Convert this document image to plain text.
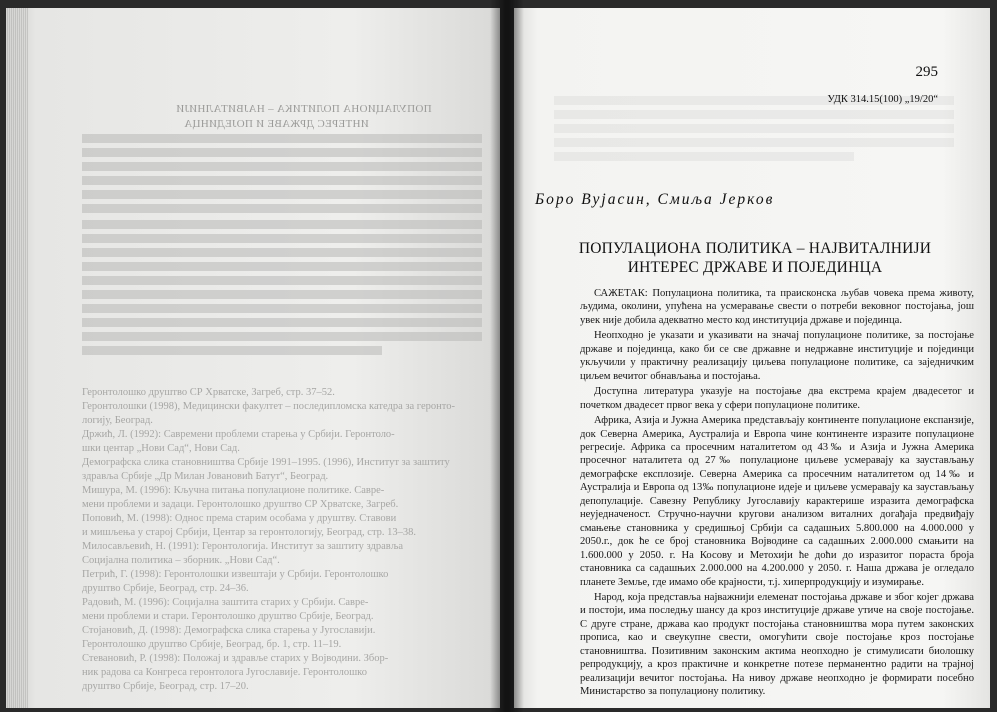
ПОПУЛАЦИОНА ПОЛИТИКА – НАЈВИТАЛНИЈИ
ИНТЕРЕС ДРЖАВЕ И ПОЈЕДИНЦА
Геронтолошко друштво СР Хрватске, Загреб, стр. 37–52.
Геронтолошки (1998), Медицински факултет – последипломска катедра за геронто-
логију, Београд.
Држић, Л. (1992): Савремени проблеми старења у Србији. Геронтоло-
шки центар „Нови Сад“, Нови Сад.
Демографска слика становништва Србије 1991–1995. (1996), Институт за заштиту
здравља Србије „Др Милан Јовановић Батут“, Београд.
Мишура, М. (1996): Кључна питања популационе политике. Савре-
мени проблеми и задаци. Геронтолошко друштво СР Хрватске, Загреб.
Поповић, М. (1998): Однос према старим особама у друштву. Ставови
и мишљења у старој Србији, Центар за геронтологију, Београд, стр. 13–38.
Милосављевић, Н. (1991): Геронтологија. Институт за заштиту здравља
Социјална политика – зборник. „Нови Сад“.
Петрић, Г. (1998): Геронтолошки извештаји у Србији. Геронтолошко
друштво Србије, Београд, стр. 24–36.
Радовић, М. (1996): Социјална заштита старих у Србији. Савре-
мени проблеми и стари. Геронтолошко друштво Србије, Београд.
Стојановић, Д. (1998): Демографска слика старења у Југославији.
Геронтолошко друштво Србије, Београд, бр. 1, стр. 11–19.
Стевановић, Р. (1998): Положај и здравље старих у Војводини. Збор-
ник радова са Конгреса геронтолога Југославије. Геронтолошко
друштво Србије, Београд, стр. 17–20.
295
УДК 314.15(100) „19/20“
Боро Вујасин, Смиља Јерков
ПОПУЛАЦИОНА ПОЛИТИКА – НАЈВИТАЛНИЈИ
ИНТЕРЕС ДРЖАВЕ И ПОЈЕДИНЦА

САЖЕТАК: Популациона политика, та праисконска љубав човека према животу, људима, околини, упућена на усмеравање свести о потреби вековног постојања, још увек није добила адекватно место код институција државе и појединца.

Неопходно је указати и указивати на значај популационе политике, за постојање државе и појединца, како би се све државне и недржавне институције и појединци укључили у практичну реализацију циљева популационе политике, са заједничким циљем вечитог обнављања и постојања.

Доступна литература указује на постојање два екстрема крајем двадесетог и почетком двадесет првог века у сфери популационе политике.

Африка, Азија и Јужна Америка представљају континенте популационе експанзије, док Северна Америка, Аустралија и Европа чине континенте изразите популационе регресије. Африка са просечним наталитетом од 43‰ и Азија и Јужна Америка просечног наталитета од 27‰ популационе циљеве усмеравају ка заустављању демографске експлозије. Северна Америка са просечним наталитетом од 14‰ и Аустралија и Европа од 13‰ популационе идеје и циљеве усмеравају ка заустављању депопулације. Савезну Републику Југославију карактерише изразита демографска неуједначеност. Стручно-научни кругови анализом виталних догађаја предвиђају смањење становника у средишњој Србији са садашњих 5.800.000 на 4.000.000 у 2050.г., док ће се број становника Војводине са садашњих 2.000.000 смањити на 1.600.000 у 2050. г. На Косову и Метохији ће доћи до изразитог пораста броја становника са садашњих 2.000.000 на 4.200.000 у 2050. г. Наша држава је огледало планете Земље, где имамо обе крајности, т.ј. хиперпродукцију и изумирање.

Народ, која представља најважнији елеменат постојања државе и због којег држава и постоји, има последњу шансу да кроз институције државе утиче на своје постојање. С друге стране, држава као продукт постојања становништва мора путем законских прописа, као и свеукупне свести, омогућити своје постојање кроз постојање становништва. Позитивним законским актима неопходно је стимулисати биолошку репродукцију, а кроз практичне и конкретне потезе перманентно радити на трајној реализацији вечитог постојања. На нивоу државе неопходно је формирати посебно Министарство за популациону политику.
